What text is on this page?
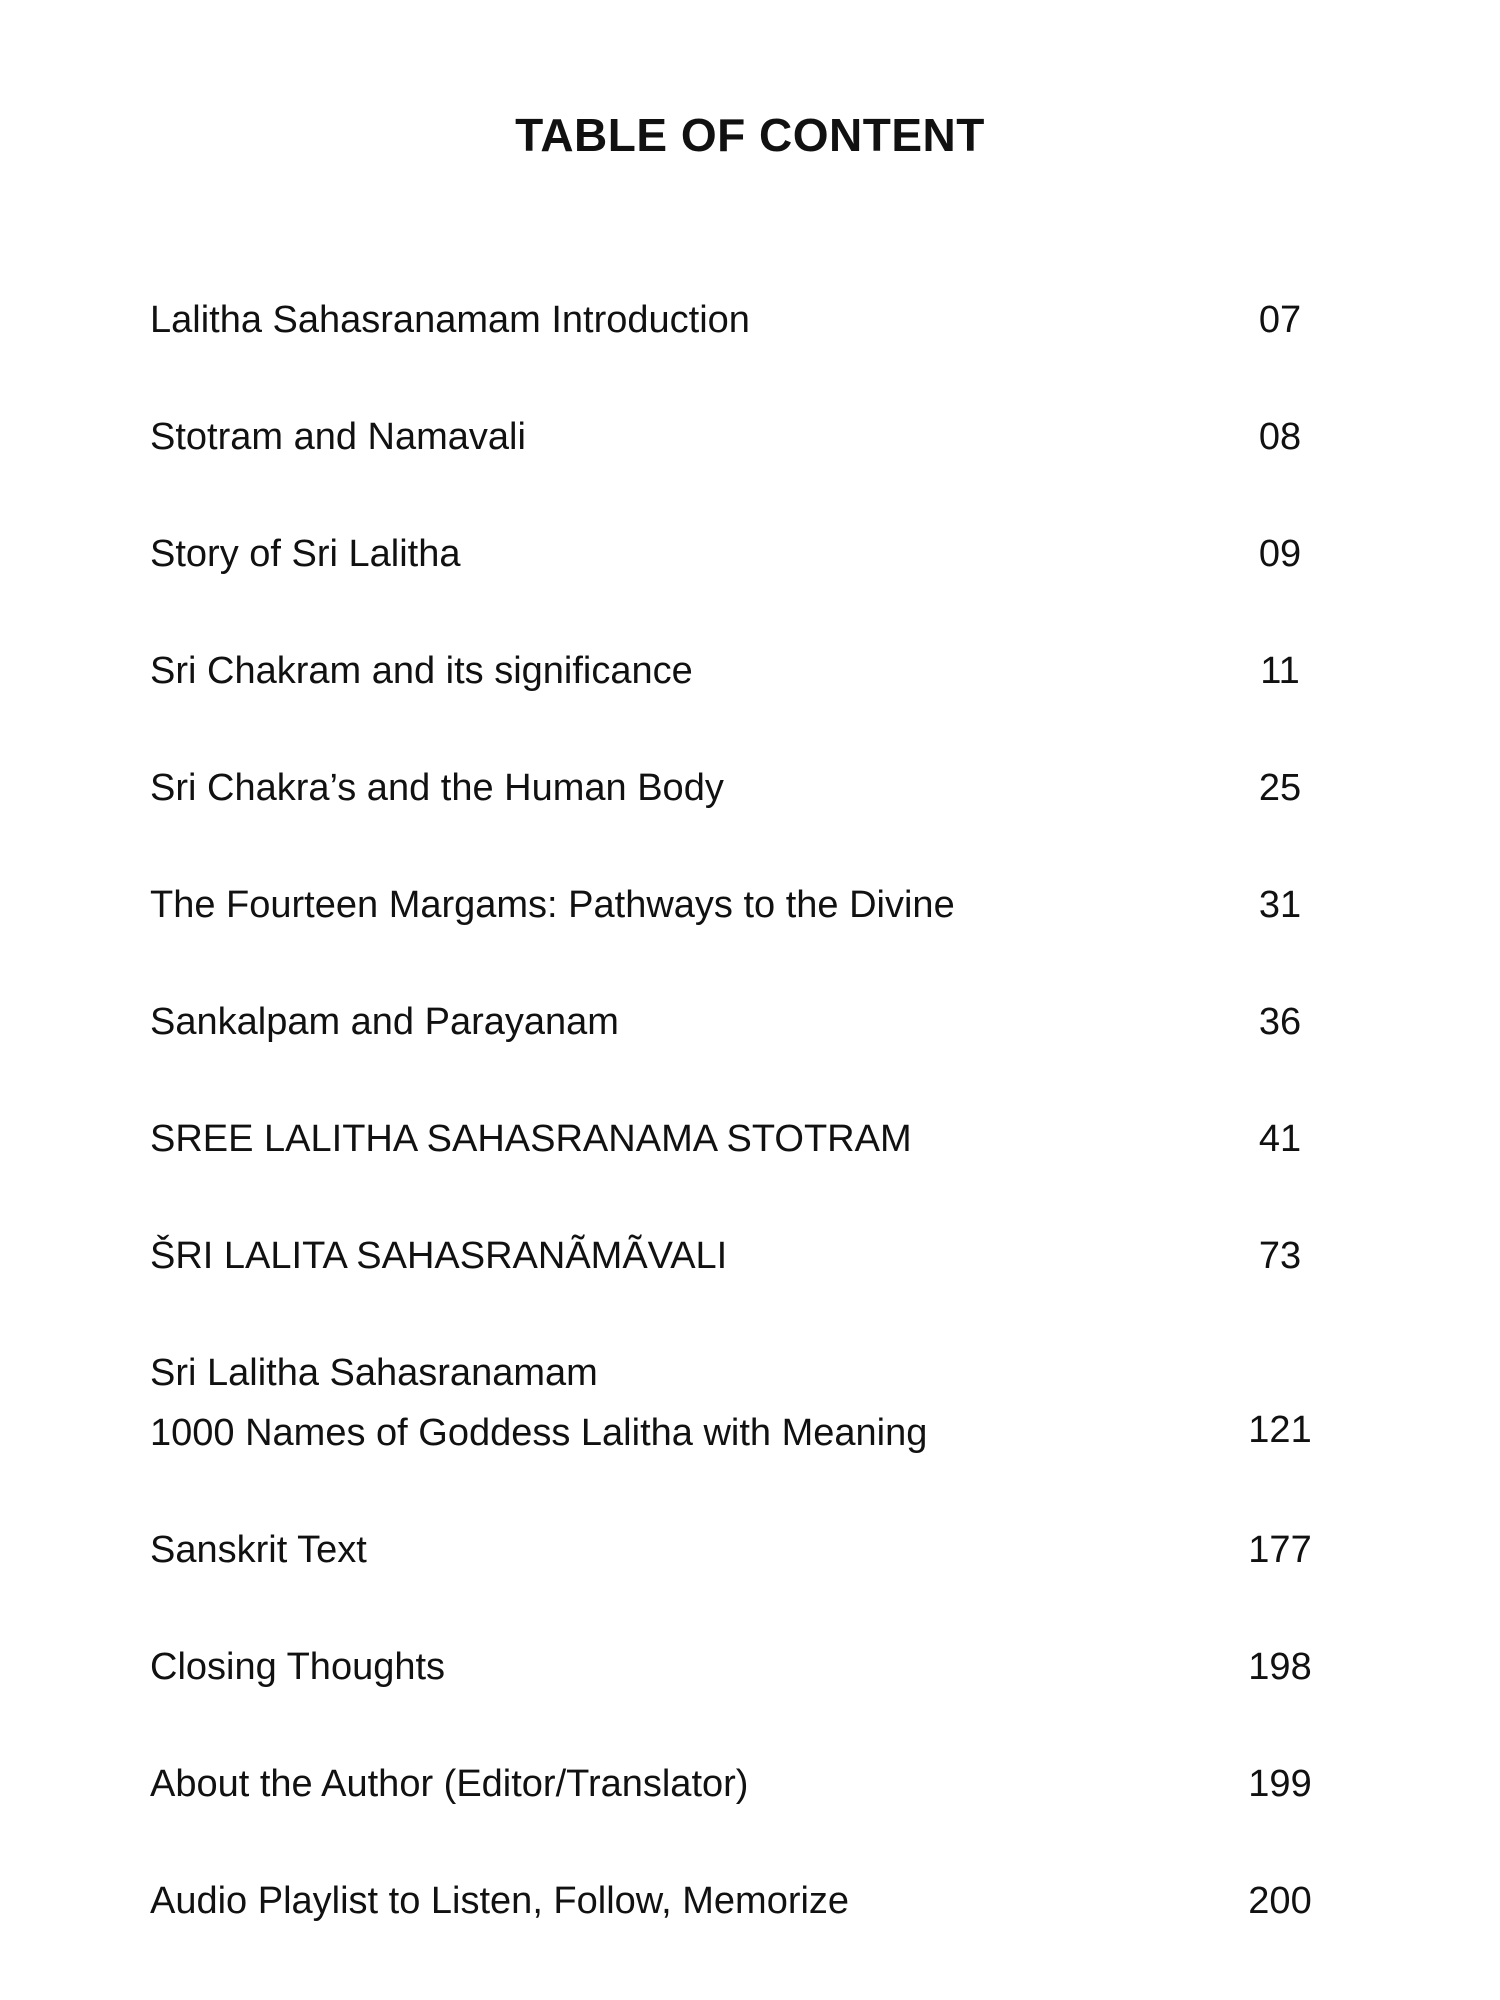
TABLE OF CONTENT
Lalitha Sahasranamam Introduction	07
Stotram and Namavali	08
Story of Sri Lalitha	09
Sri Chakram and its significance	11
Sri Chakra’s and the Human Body	25
The Fourteen Margams: Pathways to the Divine	31
Sankalpam and Parayanam	36
SREE LALITHA SAHASRANAMA STOTRAM	41
ŠRI LALITA SAHASRANÃMÃVALI	73
Sri Lalitha Sahasranamam
1000 Names of Goddess Lalitha with Meaning	121
Sanskrit Text	177
Closing Thoughts	198
About the Author (Editor/Translator)	199
Audio Playlist to Listen, Follow, Memorize	200
